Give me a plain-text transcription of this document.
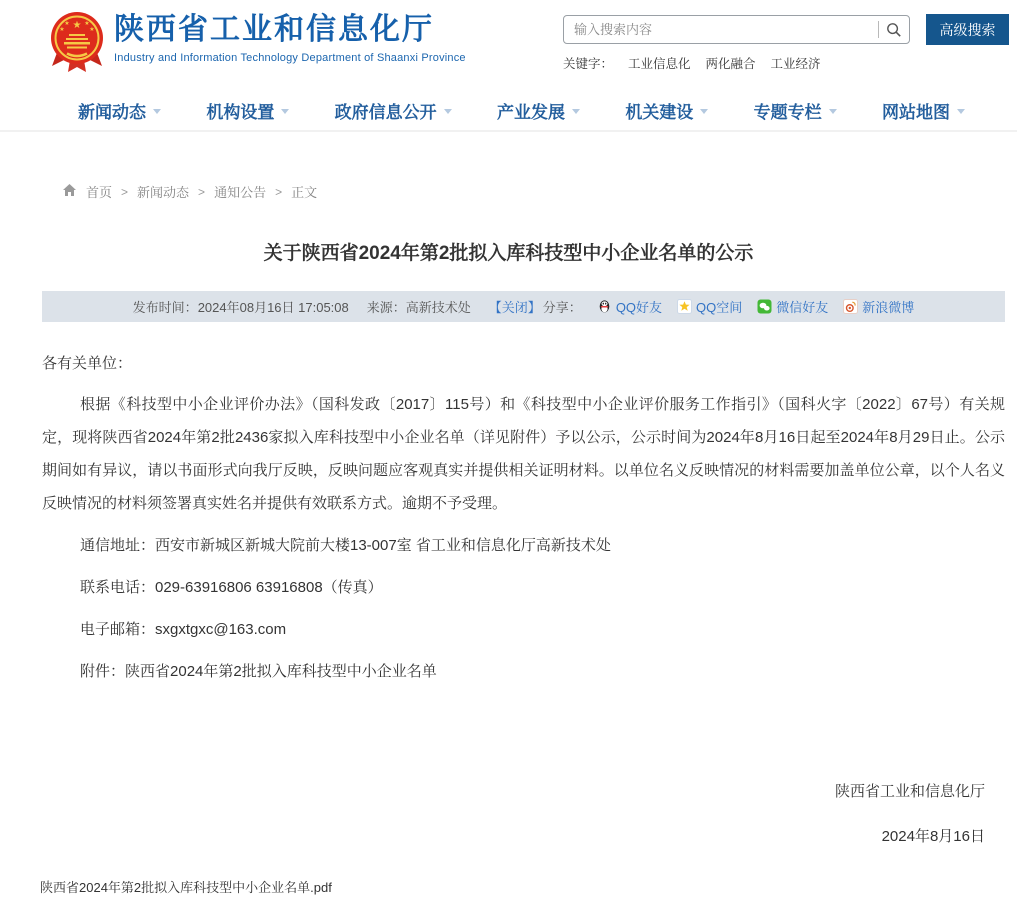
★
★ ★
★	★ 陕西省工业和信息化厅
Industry and Information Technology Department of Shaanxi Province
输入搜索内容
高级搜索
关键字： 工业信息化 两化融合 工业经济
新闻动态	机构设置	政府信息公开	产业发展	机关建设	专题专栏	网站地图
首页 > 新闻动态 > 通知公告 > 正文
关于陕西省2024年第2批拟入库科技型中小企业名单的公示
发布时间： 2024年08月16日 17:05:08 来源： 高新技术处 【关闭】 分享：	QQ好友	QQ空间	微信好友	新浪微博

各有关单位：

根据《科技型中小企业评价办法》（国科发政〔2017〕115号）和《科技型中小企业评价服务工作指引》（国科火字〔2022〕67号）有关规定，现将陕西省2024年第2批2436家拟入库科技型中小企业名单（详见附件）予以公示，公示时间为2024年8月16日起至2024年8月29日止。公示期间如有异议，请以书面形式向我厅反映，反映问题应客观真实并提供相关证明材料。以单位名义反映情况的材料需要加盖单位公章，以个人名义反映情况的材料须签署真实姓名并提供有效联系方式。逾期不予受理。

通信地址：西安市新城区新城大院前大楼13-007室 省工业和信息化厅高新技术处

联系电话：029-63916806 63916808（传真）

电子邮箱：sxgxtgxc@163.com

附件：陕西省2024年第2批拟入库科技型中小企业名单

陕西省工业和信息化厅
2024年8月16日
陕西省2024年第2批拟入库科技型中小企业名单.pdf
